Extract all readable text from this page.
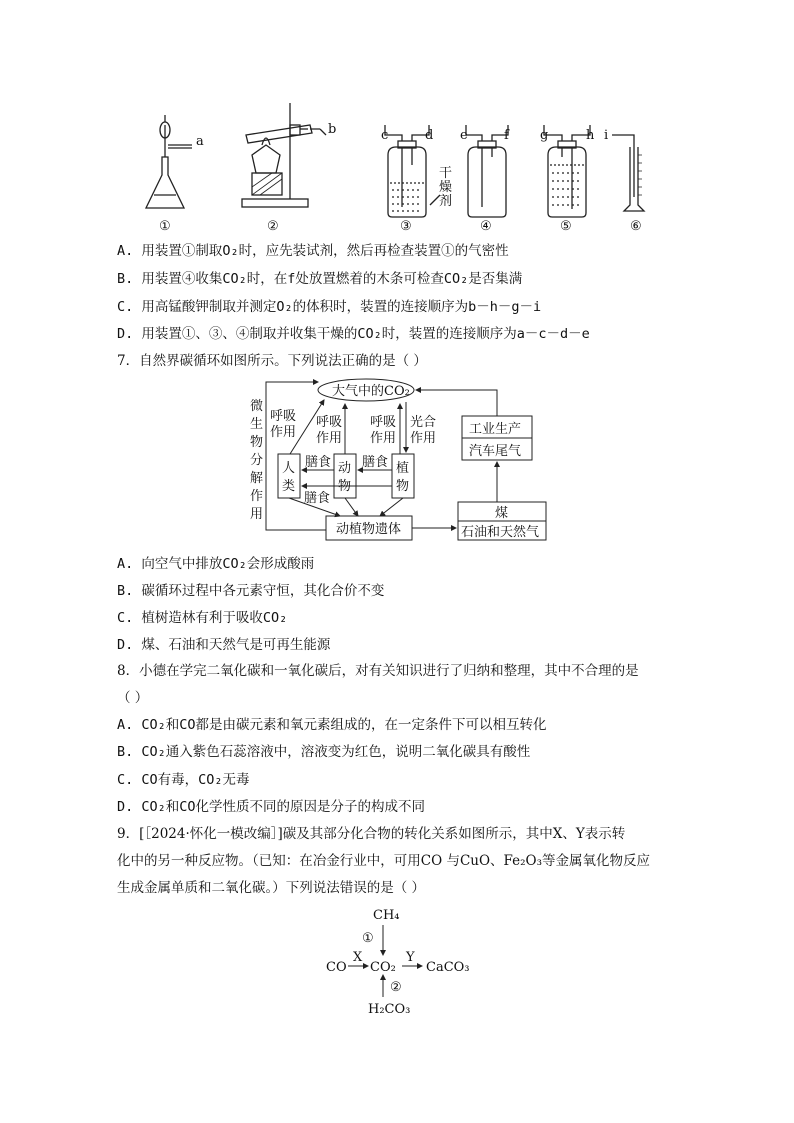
a
b	c	d e	f g	h i
干
燥
剂
①	②	③	④	⑤	⑥
A. 用装置①制取O₂时，应先装试剂，然后再检查装置①的气密性
B. 用装置④收集CO₂时，在f处放置燃着的木条可检查CO₂是否集满
C. 用高锰酸钾制取并测定O₂的体积时，装置的连接顺序为b－h－g－i
D. 用装置①、③、④制取并收集干燥的CO₂时，装置的连接顺序为a－c－d－e
7．自然界碳循环如图所示。下列说法正确的是（ ）
大气中的CO₂
微
生
物
分
解
作
用
呼吸
作用
呼吸
作用
呼吸
作用
光合
作用
人
类
动
物
植
物
膳食 膳食
膳食
工业生产
汽车尾气
动植物遗体
煤
石油和天然气
A. 向空气中排放CO₂会形成酸雨
B. 碳循环过程中各元素守恒，其化合价不变
C. 植树造林有利于吸收CO₂
D. 煤、石油和天然气是可再生能源
8．小德在学完二氧化碳和一氧化碳后，对有关知识进行了归纳和整理，其中不合理的是
（ ）
A. CO₂和CO都是由碳元素和氧元素组成的，在一定条件下可以相互转化
B. CO₂通入紫色石蕊溶液中，溶液变为红色，说明二氧化碳具有酸性
C. CO有毒，CO₂无毒
D. CO₂和CO化学性质不同的原因是分子的构成不同
9．[［2024·怀化一模改编］]碳及其部分化合物的转化关系如图所示，其中X、Y表示转
化中的另一种反应物。（已知：在冶金行业中，可用CO 与CuO、Fe₂O₃等金属氧化物反应
生成金属单质和二氧化碳。）下列说法错误的是（ ）
CH₄
①
X	Y
CO CO₂ CaCO₃
②
H₂CO₃
